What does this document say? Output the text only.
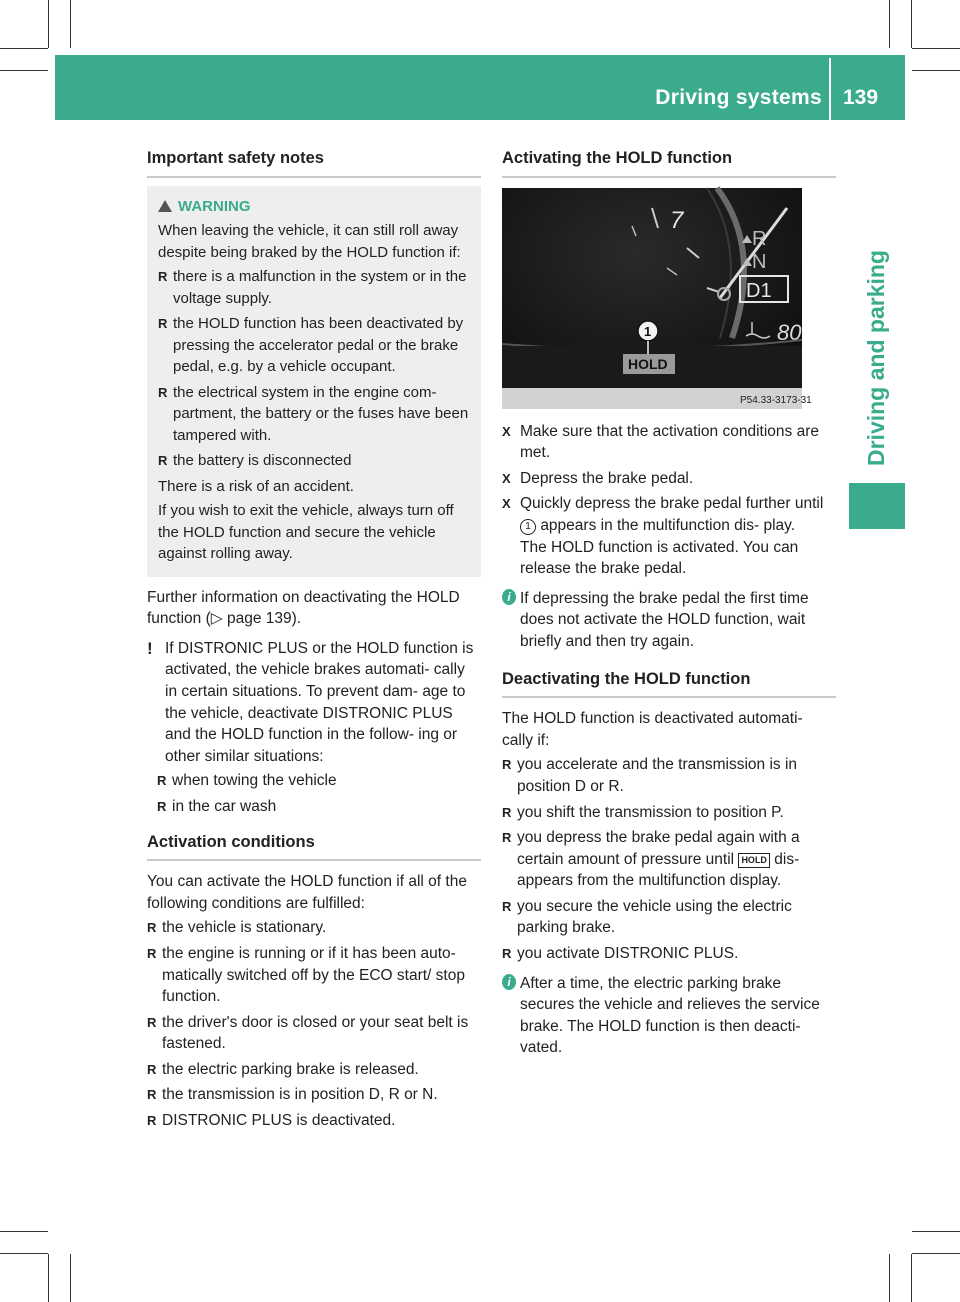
Driving systems 139
Driving and parking
Important safety notes
WARNING

When leaving the vehicle, it can still roll away despite being braked by the HOLD function if:

R there is a malfunction in the system or in the voltage supply.
R the HOLD function has been deactivated by pressing the accelerator pedal or the brake pedal, e.g. by a vehicle occupant.
R the electrical system in the engine com- partment, the battery or the fuses have been tampered with.
R the battery is disconnected

There is a risk of an accident.

If you wish to exit the vehicle, always turn off the HOLD function and secure the vehicle against rolling away.

Further information on deactivating the HOLD function (▷ page 139).

! If DISTRONIC PLUS or the HOLD function is activated, the vehicle brakes automati- cally in certain situations. To prevent dam- age to the vehicle, deactivate DISTRONIC PLUS and the HOLD function in the follow- ing or other similar situations:

R when towing the vehicle
R in the car wash
Activation conditions

You can activate the HOLD function if all of the following conditions are fulfilled:

R the vehicle is stationary.
R the engine is running or if it has been auto- matically switched off by the ECO start/ stop function.
R the driver's door is closed or your seat belt is fastened.
R the electric parking brake is released.
R the transmission is in position D, R or N.
R DISTRONIC PLUS is deactivated.
Activating the HOLD function
7
R
N
D1
80
1
HOLD
P54.33-3173-31
X Make sure that the activation conditions are met.
X Depress the brake pedal.
X Quickly depress the brake pedal further until 1 appears in the multifunction dis- play.
The HOLD function is activated. You can release the brake pedal.
i If depressing the brake pedal the first time does not activate the HOLD function, wait briefly and then try again.

Deactivating the HOLD function

The HOLD function is deactivated automati- cally if:

R you accelerate and the transmission is in position D or R.
R you shift the transmission to position P.
R you depress the brake pedal again with a certain amount of pressure until HOLD dis- appears from the multifunction display.
R you secure the vehicle using the electric parking brake.
R you activate DISTRONIC PLUS.
i After a time, the electric parking brake secures the vehicle and relieves the service brake. The HOLD function is then deacti- vated.
